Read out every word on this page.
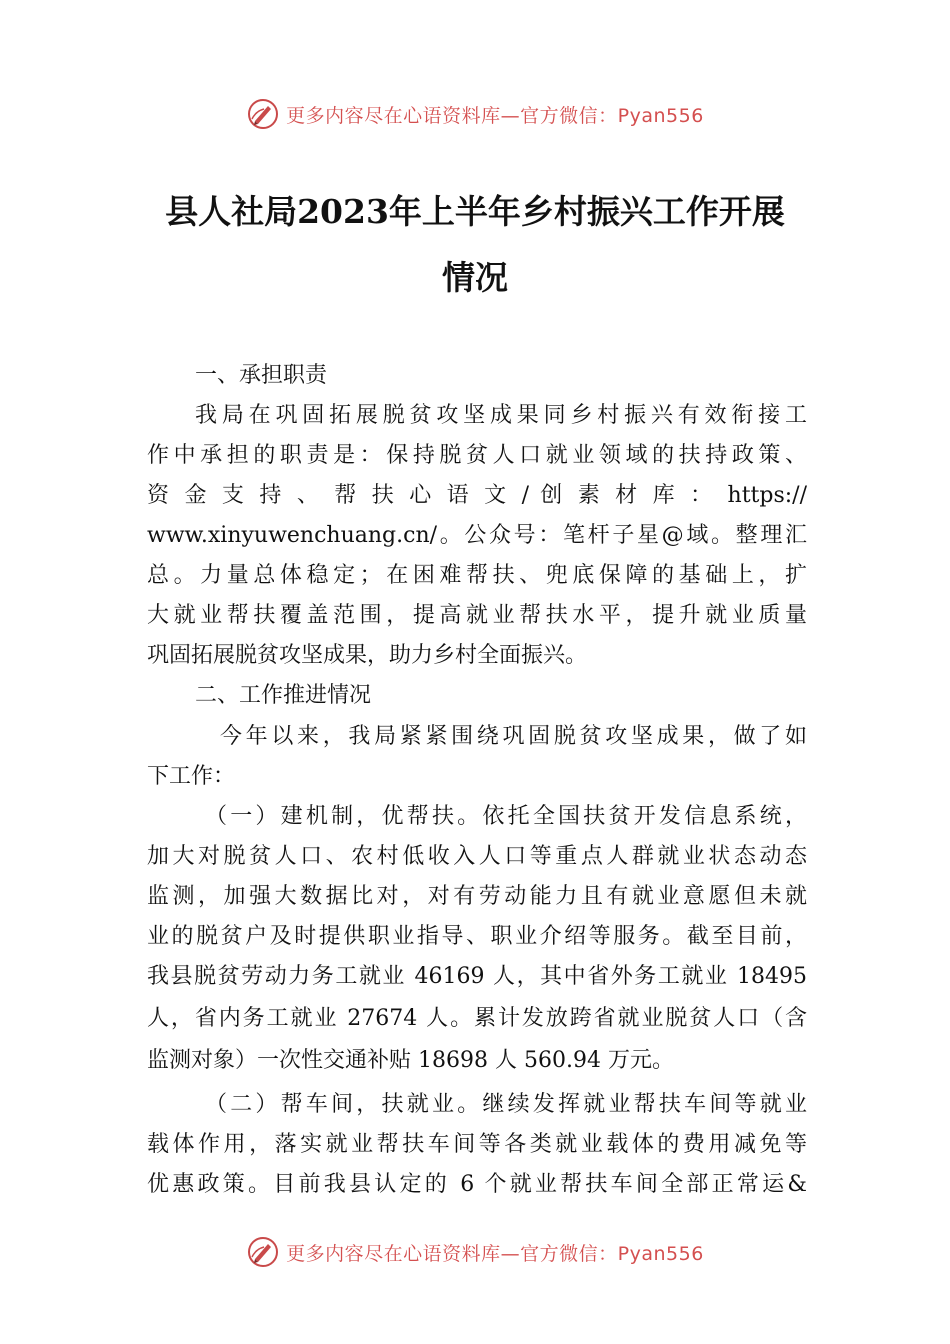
更多内容尽在心语资料库—官方微信：Pyan556
县人社局2023年上半年乡村振兴工作开展
情况
一、承担职责
我局在巩固拓展脱贫攻坚成果同乡村振兴有效衔接工
作中承担的职责是：保持脱贫人口就业领域的扶持政策、
资 金 支 持 、 帮 扶 心 语 文 / 创 素 材 库 ： https://
www.xinyuwenchuang.cn/。公众号：笔杆子星@域。整理汇
总。力量总体稳定；在困难帮扶、兜底保障的基础上，扩
大就业帮扶覆盖范围，提高就业帮扶水平，提升就业质量
巩固拓展脱贫攻坚成果，助力乡村全面振兴。
二、工作推进情况
今年以来，我局紧紧围绕巩固脱贫攻坚成果，做了如
下工作：
（一）建机制，优帮扶。依托全国扶贫开发信息系统，
加大对脱贫人口、农村低收入人口等重点人群就业状态动态
监测，加强大数据比对，对有劳动能力且有就业意愿但未就
业的脱贫户及时提供职业指导、职业介绍等服务。截至目前，
我县脱贫劳动力务工就业 46169 人，其中省外务工就业 18495
人，省内务工就业 27674 人。累计发放跨省就业脱贫人口（含
监测对象）一次性交通补贴 18698 人 560.94 万元。
（二）帮车间，扶就业。继续发挥就业帮扶车间等就业
载体作用，落实就业帮扶车间等各类就业载体的费用减免等
优惠政策。目前我县认定的 6 个就业帮扶车间全部正常运&
更多内容尽在心语资料库—官方微信：Pyan556
